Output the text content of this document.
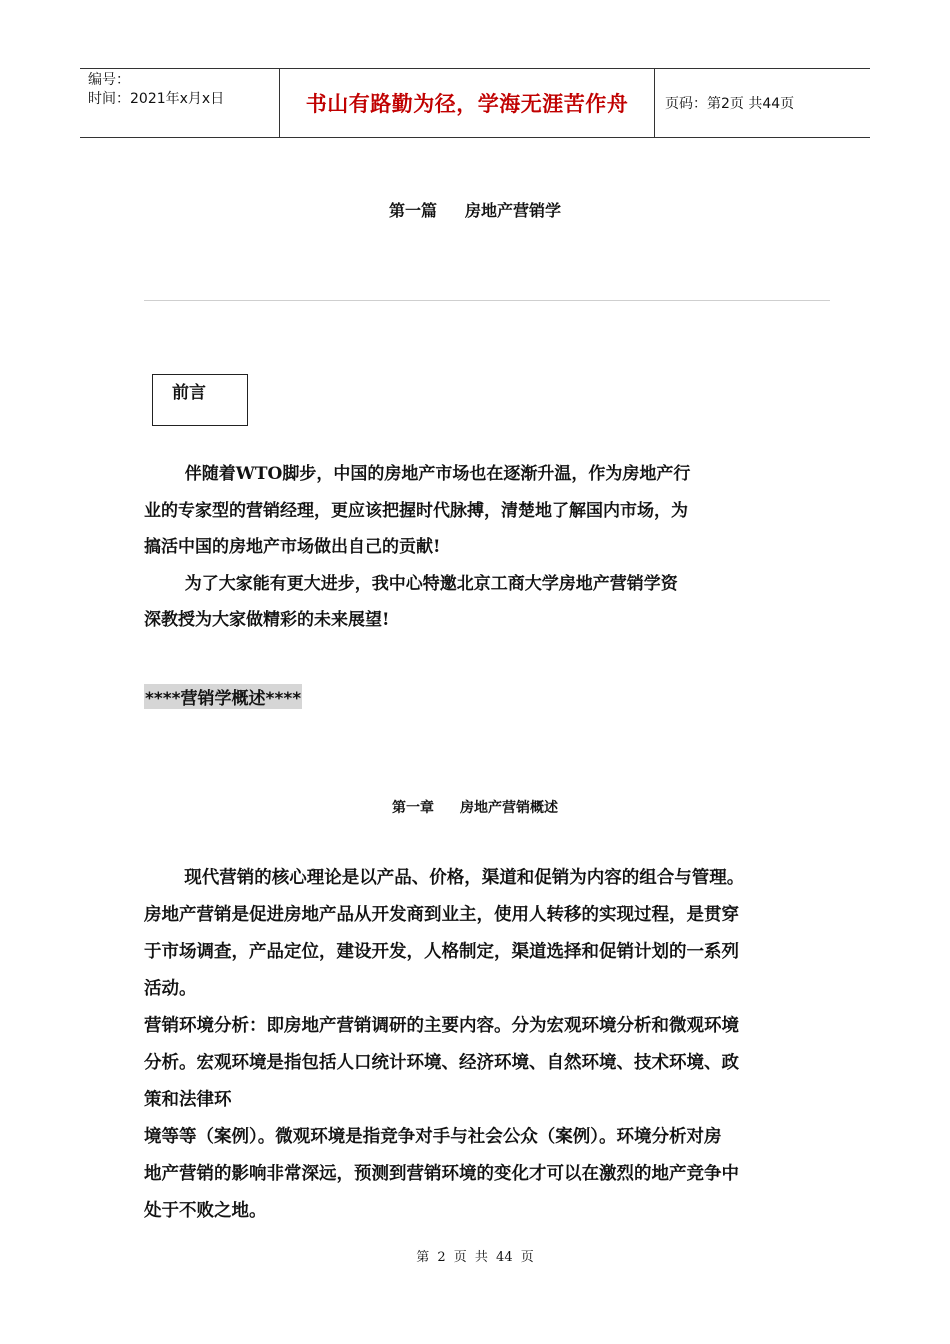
编号：
时间：2021年x月x日	书山有路勤为径，学海无涯苦作舟	页码：第2页 共44页
第一篇 房地产营销学
前言

伴随着WTO脚步，中国的房地产市场也在逐渐升温，作为房地产行

业的专家型的营销经理，更应该把握时代脉搏，清楚地了解国内市场，为

搞活中国的房地产市场做出自己的贡献!

为了大家能有更大进步，我中心特邀北京工商大学房地产营销学资

深教授为大家做精彩的未来展望!

****营销学概述****
第一章 房地产营销概述

现代营销的核心理论是以产品、价格，渠道和促销为内容的组合与管理。

房地产营销是促进房地产品从开发商到业主，使用人转移的实现过程，是贯穿

于市场调查，产品定位，建设开发，人格制定，渠道选择和促销计划的一系列

活动。

营销环境分析：即房地产营销调研的主要内容。分为宏观环境分析和微观环境

分析。宏观环境是指包括人口统计环境、经济环境、自然环境、技术环境、政

策和法律环

境等等（案例）。微观环境是指竞争对手与社会公众（案例）。环境分析对房

地产营销的影响非常深远，预测到营销环境的变化才可以在激烈的地产竞争中

处于不败之地。

第 2 页 共 44 页
